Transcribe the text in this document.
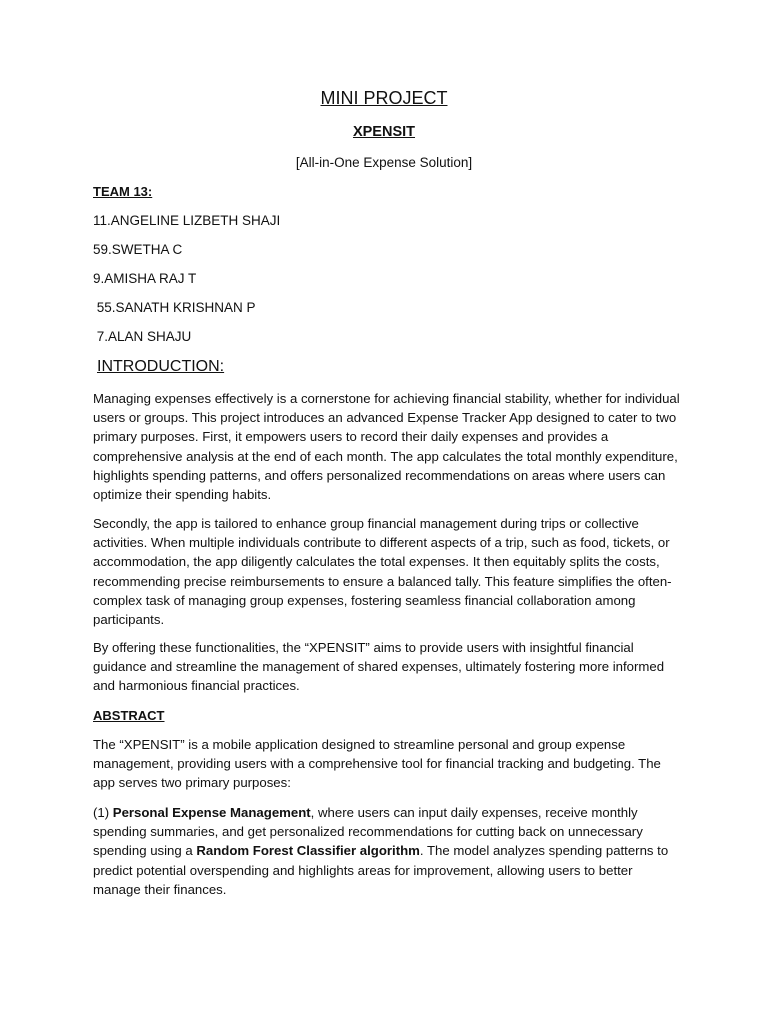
MINI PROJECT
XPENSIT
[All-in-One Expense Solution]
TEAM 13:
11.ANGELINE LIZBETH SHAJI
59.SWETHA C
9.AMISHA RAJ T
55.SANATH KRISHNAN P
7.ALAN SHAJU
INTRODUCTION:
Managing expenses effectively is a cornerstone for achieving financial stability, whether for individual users or groups. This project introduces an advanced Expense Tracker App designed to cater to two primary purposes. First, it empowers users to record their daily expenses and provides a comprehensive analysis at the end of each month. The app calculates the total monthly expenditure, highlights spending patterns, and offers personalized recommendations on areas where users can optimize their spending habits.
Secondly, the app is tailored to enhance group financial management during trips or collective activities. When multiple individuals contribute to different aspects of a trip, such as food, tickets, or accommodation, the app diligently calculates the total expenses. It then equitably splits the costs, recommending precise reimbursements to ensure a balanced tally. This feature simplifies the often-complex task of managing group expenses, fostering seamless financial collaboration among participants.
By offering these functionalities, the “XPENSIT” aims to provide users with insightful financial guidance and streamline the management of shared expenses, ultimately fostering more informed and harmonious financial practices.
ABSTRACT
The “XPENSIT” is a mobile application designed to streamline personal and group expense management, providing users with a comprehensive tool for financial tracking and budgeting. The app serves two primary purposes:
(1) Personal Expense Management, where users can input daily expenses, receive monthly spending summaries, and get personalized recommendations for cutting back on unnecessary spending using a Random Forest Classifier algorithm. The model analyzes spending patterns to predict potential overspending and highlights areas for improvement, allowing users to better manage their finances.
